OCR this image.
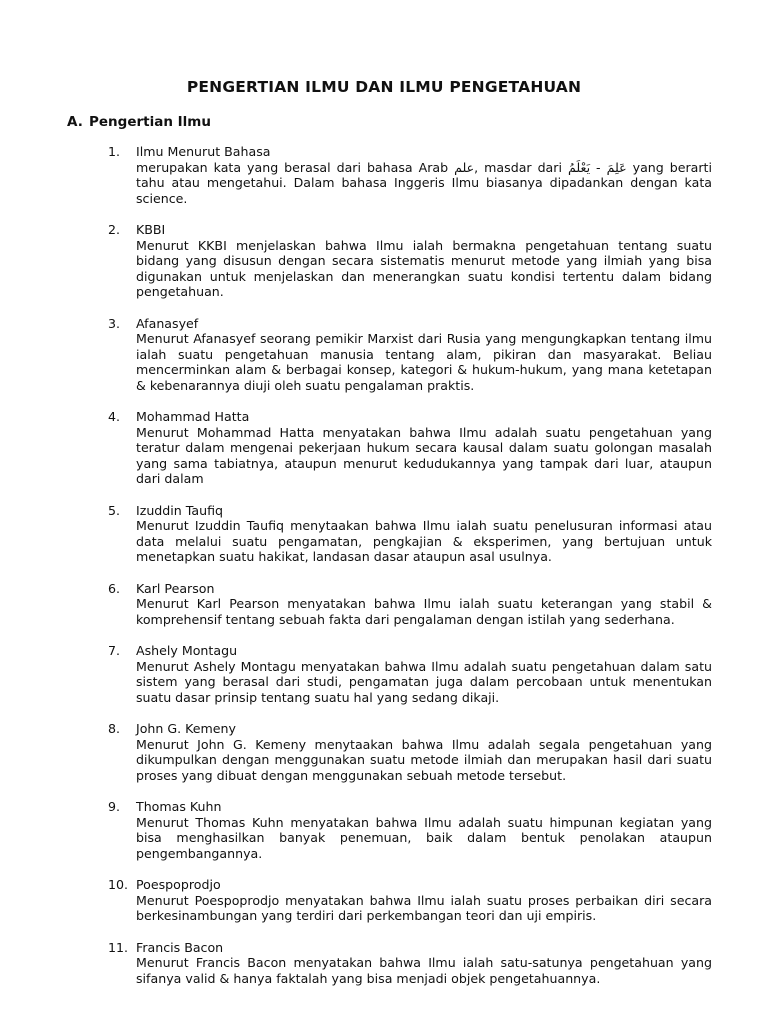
PENGERTIAN ILMU DAN ILMU PENGETAHUAN
A. Pengertian Ilmu
1.	Ilmu Menurut Bahasa
merupakan kata yang berasal dari bahasa Arab علم, masdar dari عَلِمَ - يَعْلَمُ yang berarti tahu atau mengetahui. Dalam bahasa Inggeris Ilmu biasanya dipadankan dengan kata science.
2.	KBBI
Menurut KKBI menjelaskan bahwa Ilmu ialah bermakna pengetahuan tentang suatu bidang yang disusun dengan secara sistematis menurut metode yang ilmiah yang bisa digunakan untuk menjelaskan dan menerangkan suatu kondisi tertentu dalam bidang pengetahuan.
3.	Afanasyef
Menurut Afanasyef seorang pemikir Marxist dari Rusia yang mengungkapkan tentang ilmu ialah suatu pengetahuan manusia tentang alam, pikiran dan masyarakat. Beliau mencerminkan alam & berbagai konsep, kategori & hukum-hukum, yang mana ketetapan & kebenarannya diuji oleh suatu pengalaman praktis.
4.	Mohammad Hatta
Menurut Mohammad Hatta menyatakan bahwa Ilmu adalah suatu pengetahuan yang teratur dalam mengenai pekerjaan hukum secara kausal dalam suatu golongan masalah yang sama tabiatnya, ataupun menurut kedudukannya yang tampak dari luar, ataupun dari dalam
5.	Izuddin Taufiq
Menurut Izuddin Taufiq menytaakan bahwa Ilmu ialah suatu penelusuran informasi atau data melalui suatu pengamatan, pengkajian & eksperimen, yang bertujuan untuk menetapkan suatu hakikat, landasan dasar ataupun asal usulnya.
6.	Karl Pearson
Menurut Karl Pearson menyatakan bahwa Ilmu ialah suatu keterangan yang stabil & komprehensif tentang sebuah fakta dari pengalaman dengan istilah yang sederhana.
7.	Ashely Montagu
Menurut Ashely Montagu menyatakan bahwa Ilmu adalah suatu pengetahuan dalam satu sistem yang berasal dari studi, pengamatan juga dalam percobaan untuk menentukan suatu dasar prinsip tentang suatu hal yang sedang dikaji.
8.	John G. Kemeny
Menurut John G. Kemeny menytaakan bahwa Ilmu adalah segala pengetahuan yang dikumpulkan dengan menggunakan suatu metode ilmiah dan merupakan hasil dari suatu proses yang dibuat dengan menggunakan sebuah metode tersebut.
9.	Thomas Kuhn
Menurut Thomas Kuhn menyatakan bahwa Ilmu adalah suatu himpunan kegiatan yang bisa menghasilkan banyak penemuan, baik dalam bentuk penolakan ataupun pengembangannya.
10. Poespoprodjo
Menurut Poespoprodjo menyatakan bahwa Ilmu ialah suatu proses perbaikan diri secara berkesinambungan yang terdiri dari perkembangan teori dan uji empiris.
11. Francis Bacon
Menurut Francis Bacon menyatakan bahwa Ilmu ialah satu-satunya pengetahuan yang sifanya valid & hanya faktalah yang bisa menjadi objek pengetahuannya.
